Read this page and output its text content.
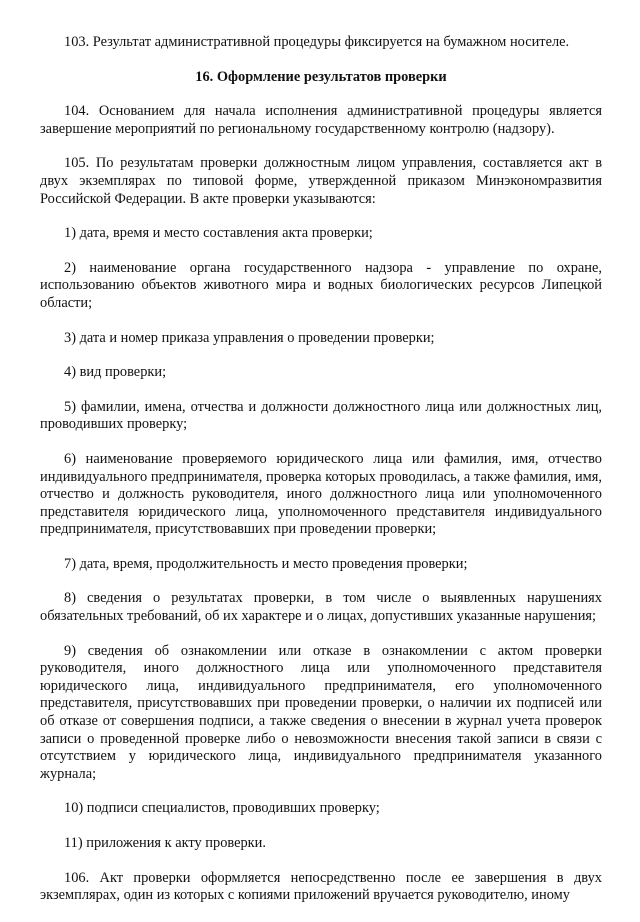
103. Результат административной процедуры фиксируется на бумажном носителе.

16. Оформление результатов проверки

104. Основанием для начала исполнения административной процедуры является завершение мероприятий по региональному государственному контролю (надзору).

105. По результатам проверки должностным лицом управления, составляется акт в двух экземплярах по типовой форме, утвержденной приказом Минэкономразвития Российской Федерации. В акте проверки указываются:

1) дата, время и место составления акта проверки;

2) наименование органа государственного надзора - управление по охране, использованию объектов животного мира и водных биологических ресурсов Липецкой области;

3) дата и номер приказа управления о проведении проверки;

4) вид проверки;

5) фамилии, имена, отчества и должности должностного лица или должностных лиц, проводивших проверку;

6) наименование проверяемого юридического лица или фамилия, имя, отчество индивидуального предпринимателя, проверка которых проводилась, а также фамилия, имя, отчество и должность руководителя, иного должностного лица или уполномоченного представителя юридического лица, уполномоченного представителя индивидуального предпринимателя, присутствовавших при проведении проверки;

7) дата, время, продолжительность и место проведения проверки;

8) сведения о результатах проверки, в том числе о выявленных нарушениях обязательных требований, об их характере и о лицах, допустивших указанные нарушения;

9) сведения об ознакомлении или отказе в ознакомлении с актом проверки руководителя, иного должностного лица или уполномоченного представителя юридического лица, индивидуального предпринимателя, его уполномоченного представителя, присутствовавших при проведении проверки, о наличии их подписей или об отказе от совершения подписи, а также сведения о внесении в журнал учета проверок записи о проведенной проверке либо о невозможности внесения такой записи в связи с отсутствием у юридического лица, индивидуального предпринимателя указанного журнала;

10) подписи специалистов, проводивших проверку;

11) приложения к акту проверки.

106. Акт проверки оформляется непосредственно после ее завершения в двух экземплярах, один из которых с копиями приложений вручается руководителю, иному
